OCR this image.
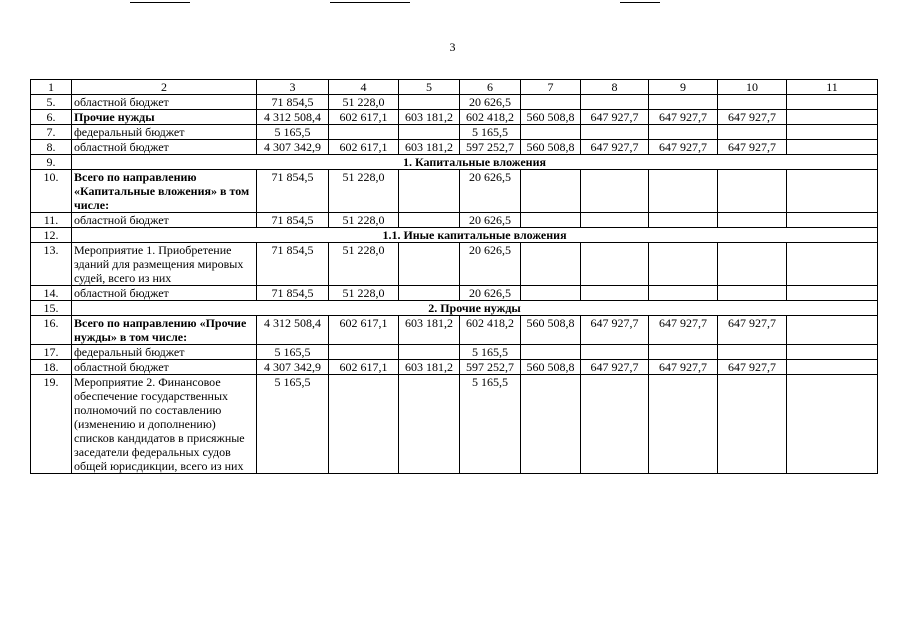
3
1	2	3	4	5	6	7	8	9	10	11	
5.	областной бюджет	71 854,5	51 228,0		20 626,5						
6.	Прочие нужды	4 312 508,4	602 617,1	603 181,2	602 418,2	560 508,8	647 927,7	647 927,7	647 927,7		
7.	федеральный бюджет	5 165,5			5 165,5						
8.	областной бюджет	4 307 342,9	602 617,1	603 181,2	597 252,7	560 508,8	647 927,7	647 927,7	647 927,7		
9.	1. Капитальные вложения										
10.	Всего по направлению «Капитальные вложения» в том числе:	71 854,5	51 228,0		20 626,5						
11.	областной бюджет	71 854,5	51 228,0		20 626,5						
12.	1.1. Иные капитальные вложения										
13.	Мероприятие 1. Приобретение зданий для размещения мировых судей, всего из них	71 854,5	51 228,0		20 626,5						
14.	областной бюджет	71 854,5	51 228,0		20 626,5						
15.	2. Прочие нужды										
16.	Всего по направлению «Прочие нужды» в том числе:	4 312 508,4	602 617,1	603 181,2	602 418,2	560 508,8	647 927,7	647 927,7	647 927,7		
17.	федеральный бюджет	5 165,5			5 165,5						
18.	областной бюджет	4 307 342,9	602 617,1	603 181,2	597 252,7	560 508,8	647 927,7	647 927,7	647 927,7		
19.	Мероприятие 2. Финансовое обеспечение государственных полномочий по составлению (изменению и дополнению) списков кандидатов в присяжные заседатели федеральных судов общей юрисдикции, всего из них	5 165,5			5 165,5						
